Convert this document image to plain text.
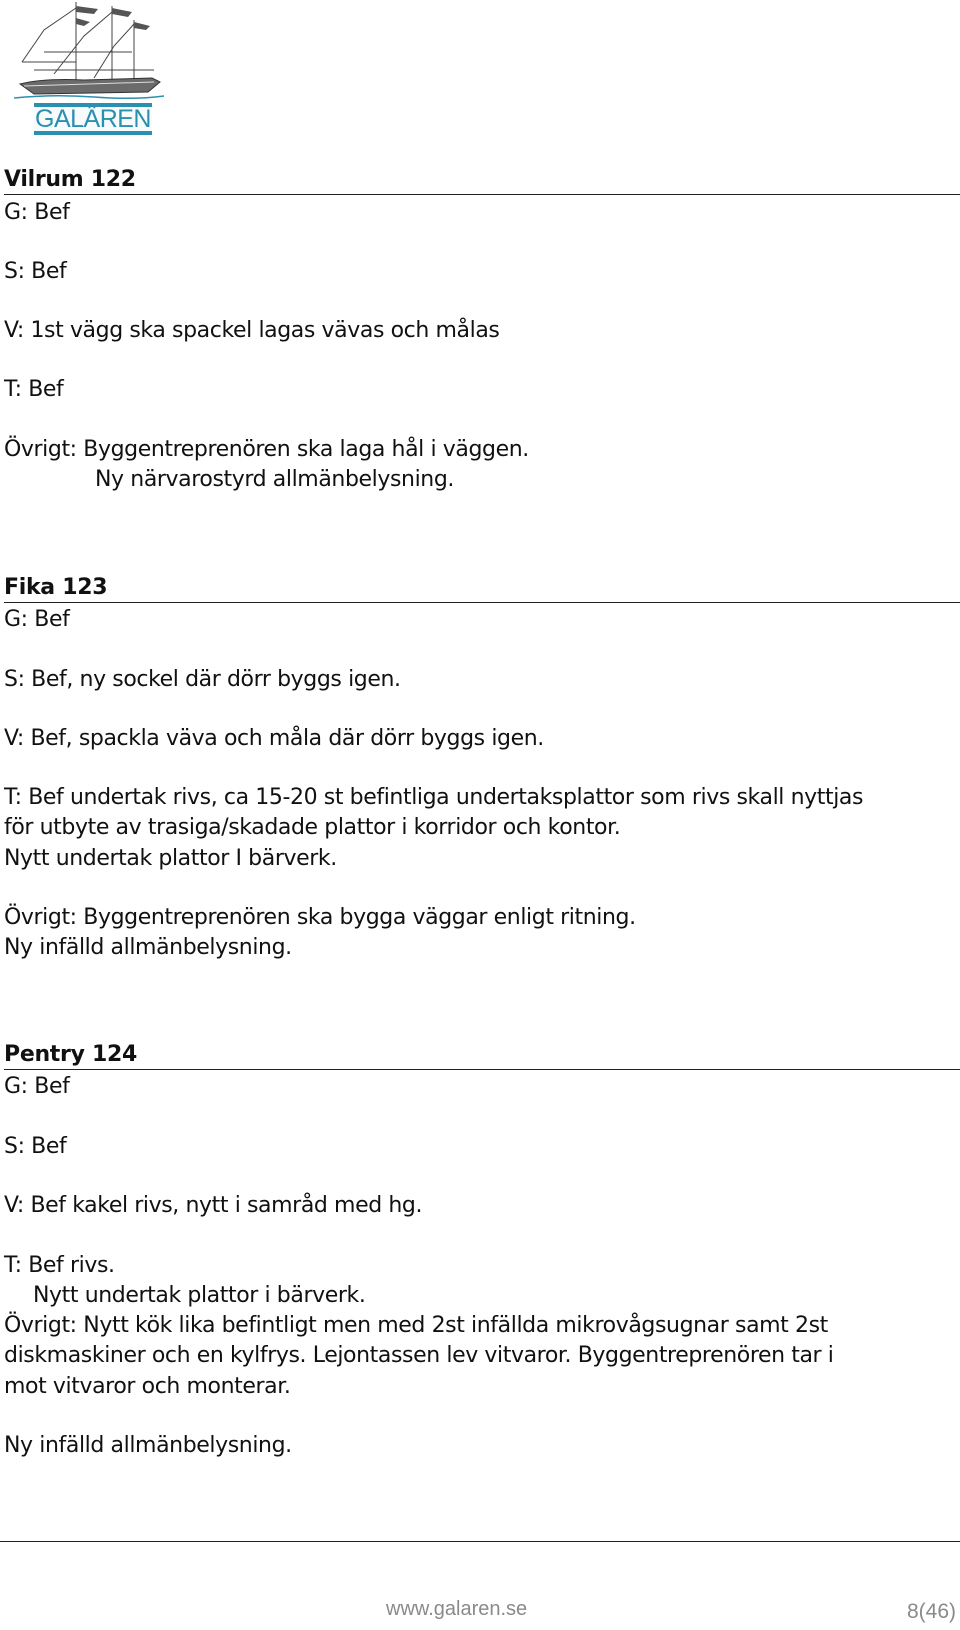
GALÄREN
Vilrum 122
G: Bef
S: Bef
V: 1st vägg ska spackel lagas vävas och målas
T: Bef
Övrigt: Byggentreprenören ska laga hål i väggen.
Ny närvarostyrd allmänbelysning.
Fika 123
G: Bef
S: Bef, ny sockel där dörr byggs igen.
V: Bef, spackla väva och måla där dörr byggs igen.
T: Bef undertak rivs, ca 15-20 st befintliga undertaksplattor som rivs skall nyttjas
för utbyte av trasiga/skadade plattor i korridor och kontor.
Nytt undertak plattor I bärverk.
Övrigt: Byggentreprenören ska bygga väggar enligt ritning.
Ny infälld allmänbelysning.
Pentry 124
G: Bef
S: Bef
V: Bef kakel rivs, nytt i samråd med hg.
T: Bef rivs.
Nytt undertak plattor i bärverk.
Övrigt: Nytt kök lika befintligt men med 2st infällda mikrovågsugnar samt 2st
diskmaskiner och en kylfrys. Lejontassen lev vitvaror. Byggentreprenören tar i
mot vitvaror och monterar.
Ny infälld allmänbelysning.
www.galaren.se	8(46)
